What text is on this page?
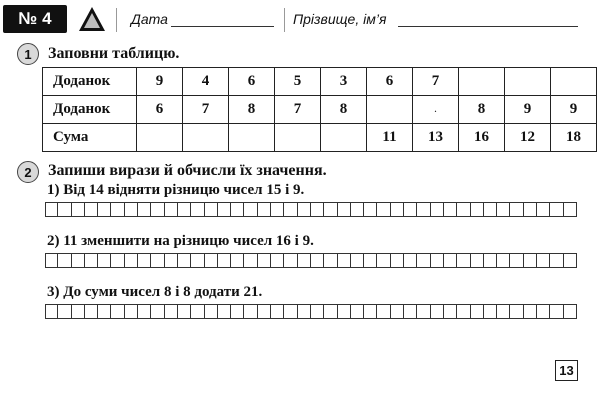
№ 4	Дата	Прізвище, ім’я
1	Заповни таблицю.
Доданок	9	4	6	5	3	6	7			
Доданок	6	7	8	7	8		.	8	9	9
Сума						11	13	16	12	18
2	Запиши вирази й обчисли їх значення.
1) Від 14 відняти різницю чисел 15 і 9.
2) 11 зменшити на різницю чисел 16 і 9.
3) До суми чисел 8 і 8 додати 21.
13
